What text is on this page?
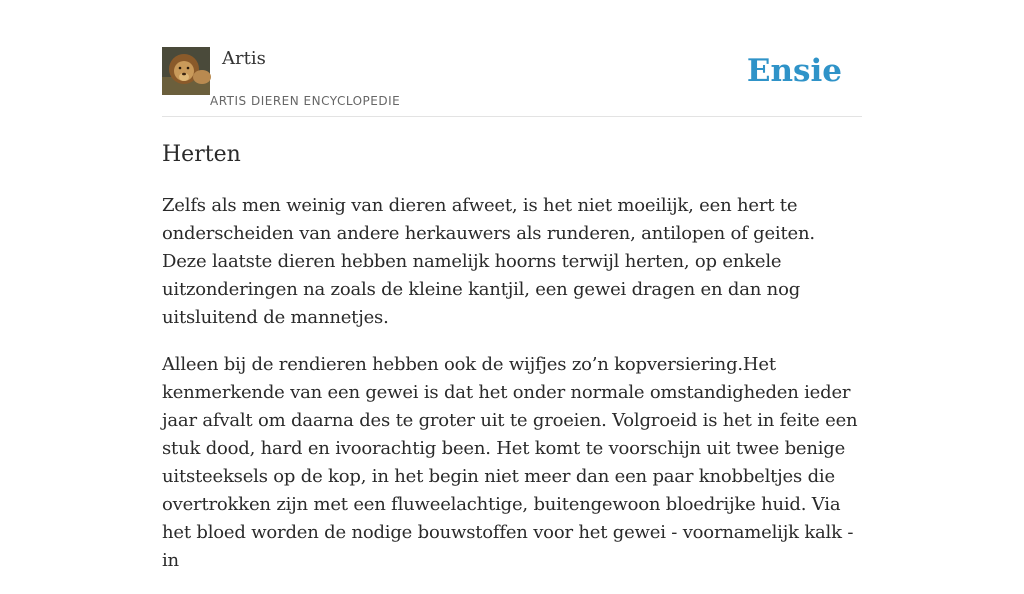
Artis
ARTIS DIEREN ENCYCLOPEDIE
Ensie
Herten

Zelfs als men weinig van dieren afweet, is het niet moeilijk, een hert te onderscheiden van andere herkauwers als runderen, antilopen of geiten. Deze laatste dieren hebben namelijk hoorns terwijl herten, op enkele uitzonderingen na zoals de kleine kantjil, een gewei dragen en dan nog uitsluitend de mannetjes.

Alleen bij de rendieren hebben ook de wijfjes zo’n kopversiering.Het kenmerkende van een gewei is dat het onder normale omstandigheden ieder jaar afvalt om daarna des te groter uit te groeien. Volgroeid is het in feite een stuk dood, hard en ivoorachtig been. Het komt te voorschijn uit twee benige uitsteeksels op de kop, in het begin niet meer dan een paar knobbeltjes die overtrokken zijn met een fluweelachtige, buitengewoon bloedrijke huid. Via het bloed worden de nodige bouwstoffen voor het gewei - voornamelijk kalk - in
